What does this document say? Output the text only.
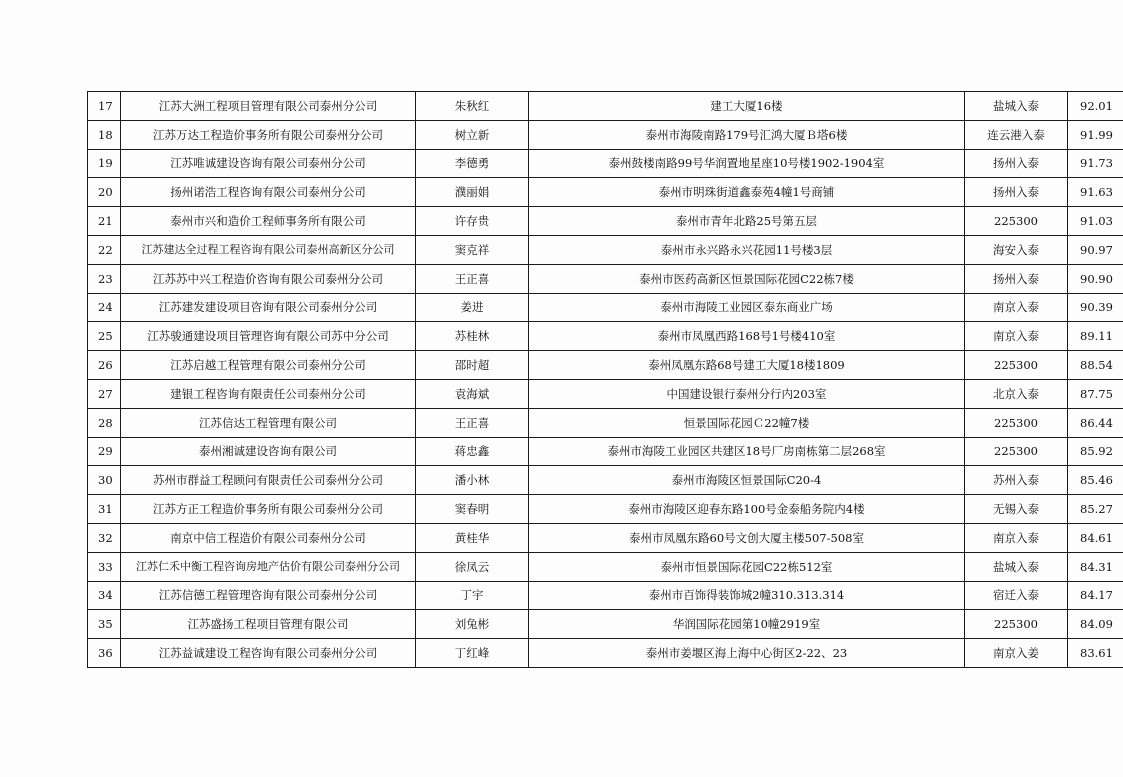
17	江苏大洲工程项目管理有限公司泰州分公司	朱秋红	建工大厦16楼	盐城入泰	92.01
18	江苏万达工程造价事务所有限公司泰州分公司	树立新	泰州市海陵南路179号汇鸿大厦Ｂ塔6楼	连云港入泰	91.99
19	江苏唯诚建设咨询有限公司泰州分公司	李德勇	泰州鼓楼南路99号华润置地星座10号楼1902-1904室	扬州入泰	91.73
20	扬州诺浩工程咨询有限公司泰州分公司	濮丽娟	泰州市明珠街道鑫泰苑4幢1号商铺	扬州入泰	91.63
21	泰州市兴和造价工程师事务所有限公司	许存贵	泰州市青年北路25号第五层	225300	91.03
22	江苏建达全过程工程咨询有限公司泰州高新区分公司	窦克祥	泰州市永兴路永兴花园11号楼3层	海安入泰	90.97
23	江苏苏中兴工程造价咨询有限公司泰州分公司	王正喜	泰州市医药高新区恒景国际花园C22栋7楼	扬州入泰	90.90
24	江苏建发建设项目咨询有限公司泰州分公司	姜进	泰州市海陵工业园区泰东商业广场	南京入泰	90.39
25	江苏骏通建设项目管理咨询有限公司苏中分公司	苏桂林	泰州市凤凰西路168号1号楼410室	南京入泰	89.11
26	江苏启越工程管理有限公司泰州分公司	邵时超	泰州凤凰东路68号建工大厦18楼1809	225300	88.54
27	建银工程咨询有限责任公司泰州分公司	袁海斌	中国建设银行泰州分行内203室	北京入泰	87.75
28	江苏信达工程管理有限公司	王正喜	恒景国际花园Ｃ22幢7楼	225300	86.44
29	泰州湘诚建设咨询有限公司	蒋忠鑫	泰州市海陵工业园区共建区18号厂房南栋第二层268室	225300	85.92
30	苏州市群益工程顾问有限责任公司泰州分公司	潘小林	泰州市海陵区恒景国际C20-4	苏州入泰	85.46
31	江苏方正工程造价事务所有限公司泰州分公司	窦春明	泰州市海陵区迎春东路100号金泰船务院内4楼	无锡入泰	85.27
32	南京中信工程造价有限公司泰州分公司	黄桂华	泰州市凤凰东路60号文创大厦主楼507-508室	南京入泰	84.61
33	江苏仁禾中衡工程咨询房地产估价有限公司泰州分公司	徐凤云	泰州市恒景国际花园C22栋512室	盐城入泰	84.31
34	江苏信德工程管理咨询有限公司泰州分公司	丁宇	泰州市百饰得装饰城2幢310.313.314	宿迁入泰	84.17
35	江苏盛扬工程项目管理有限公司	刘兔彬	华润国际花园第10幢2919室	225300	84.09
36	江苏益诚建设工程咨询有限公司泰州分公司	丁红峰	泰州市姜堰区海上海中心街区2-22、23	南京入姜	83.61
